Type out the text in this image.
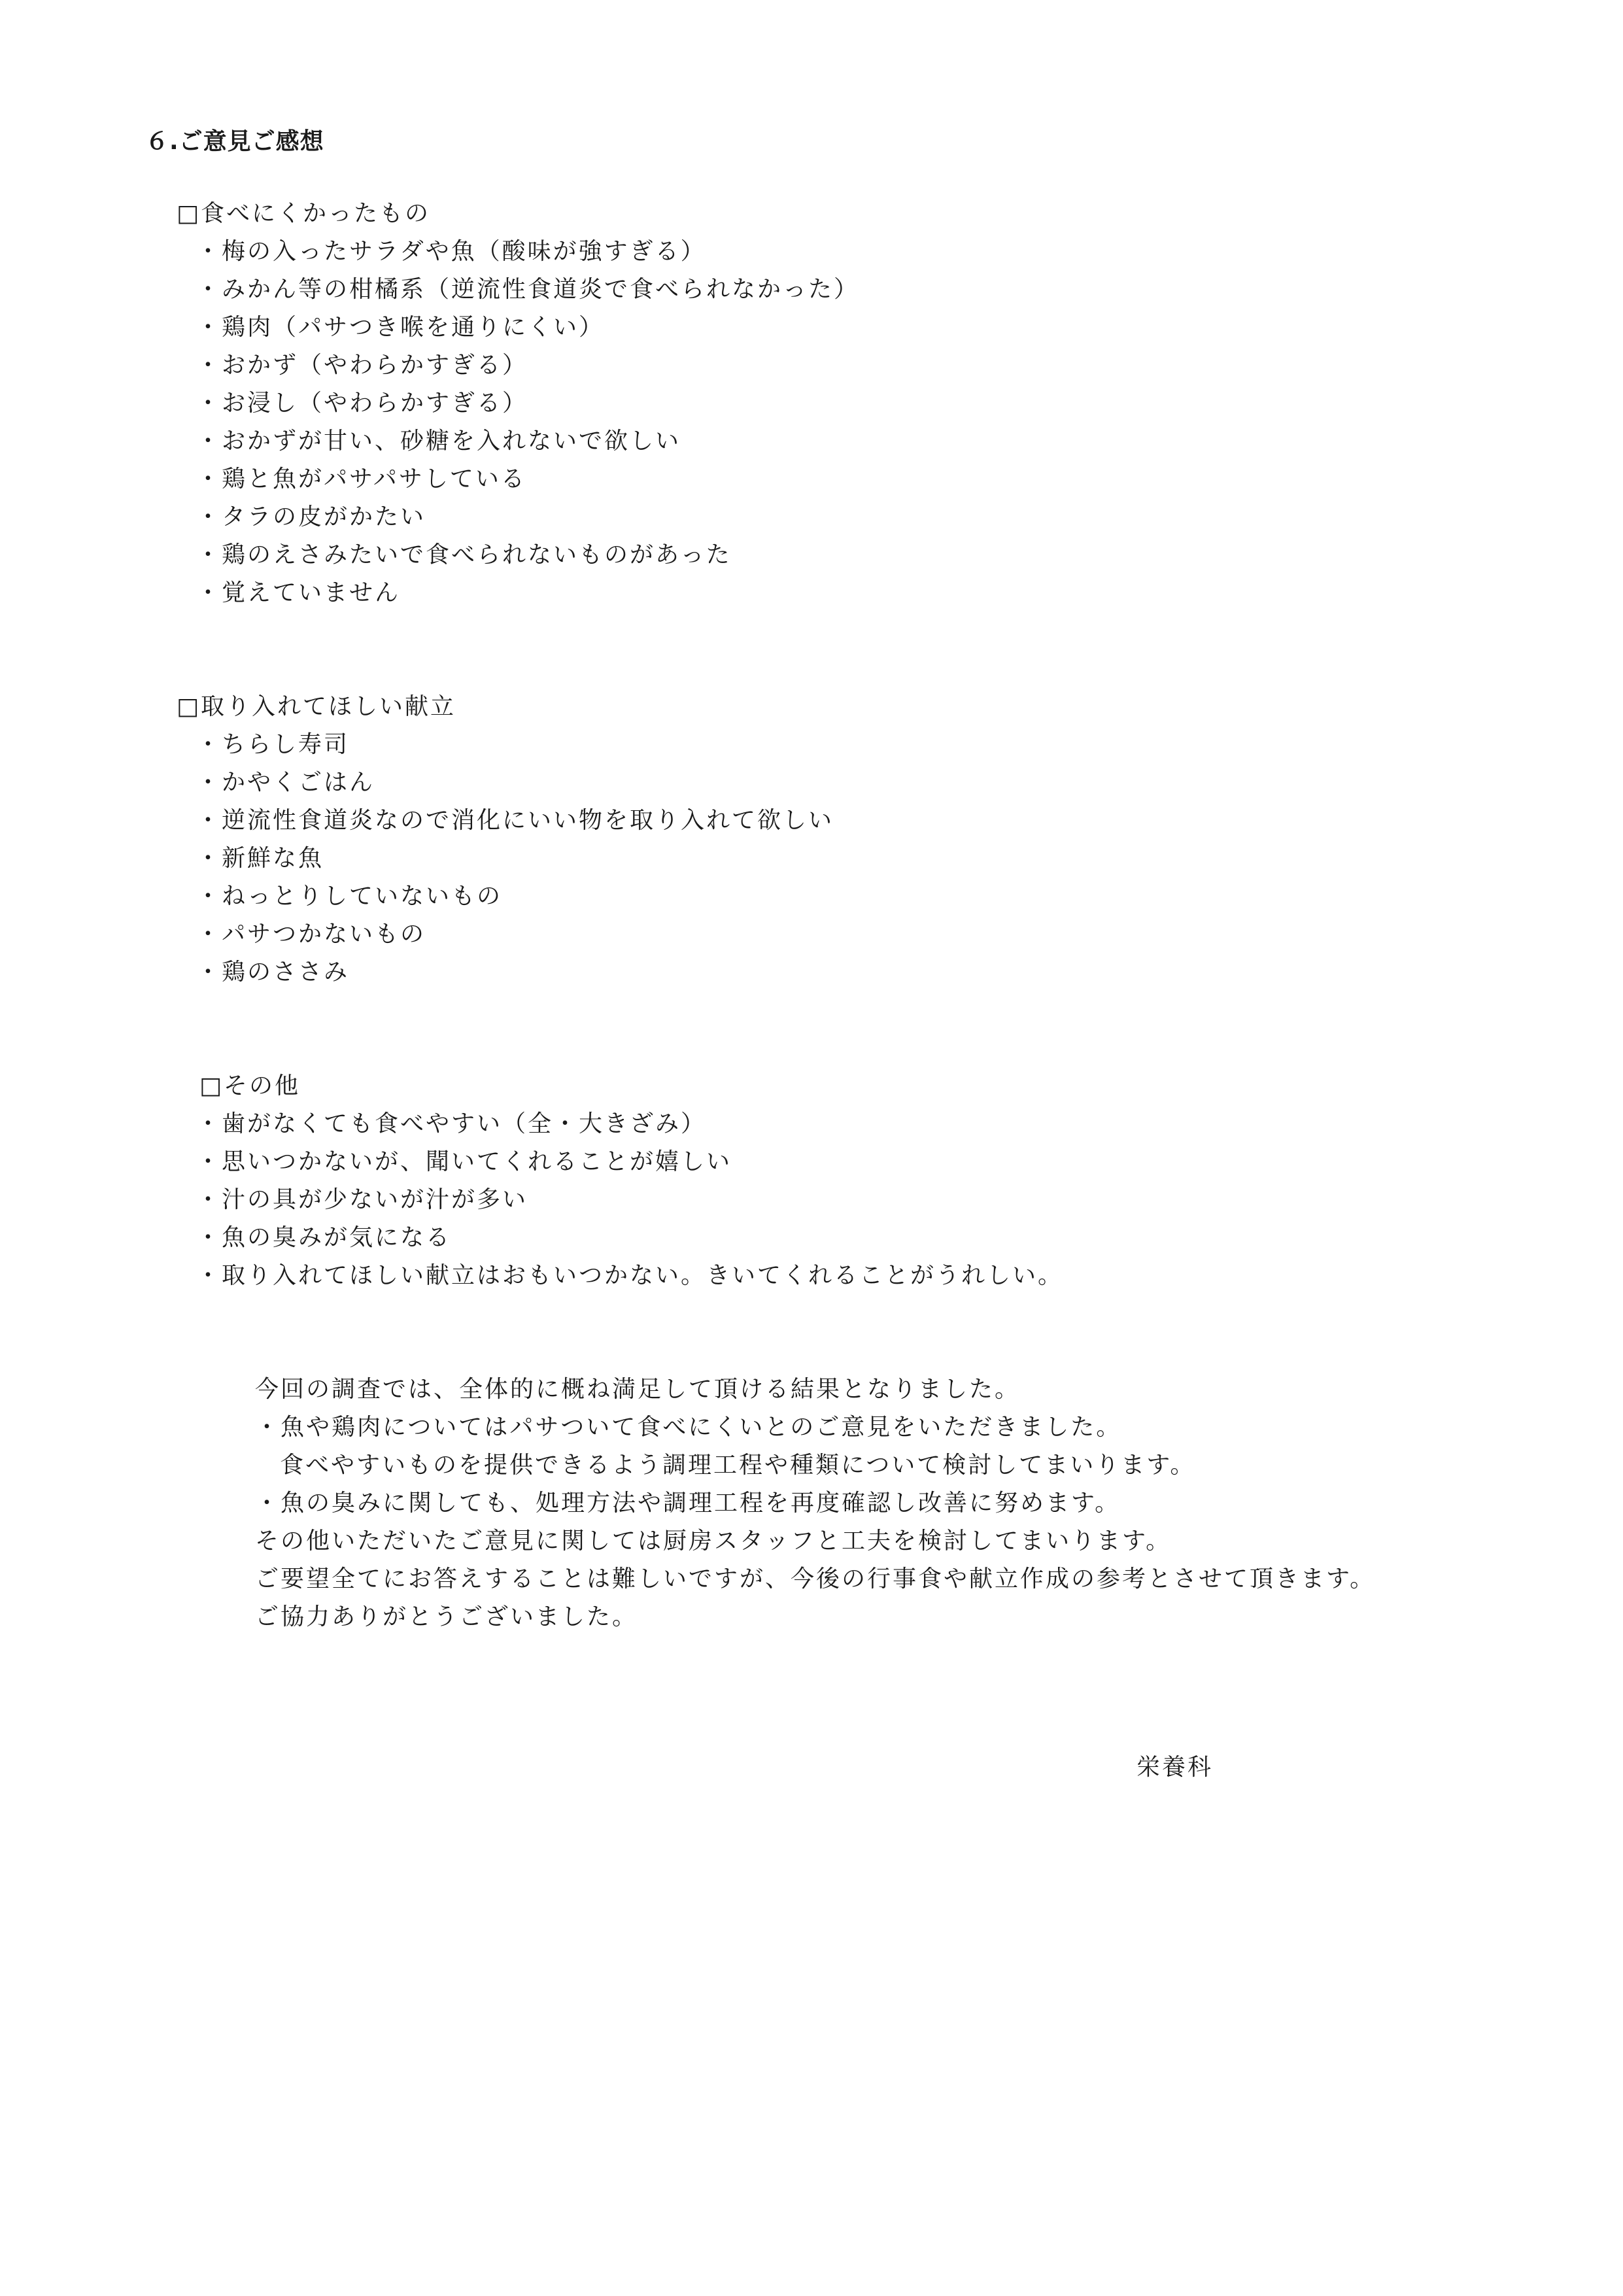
６.ご意見ご感想
□食べにくかったもの
・梅の入ったサラダや魚（酸味が強すぎる）
・みかん等の柑橘系（逆流性食道炎で食べられなかった）
・鶏肉（パサつき喉を通りにくい）
・おかず（やわらかすぎる）
・お浸し（やわらかすぎる）
・おかずが甘い、砂糖を入れないで欲しい
・鶏と魚がパサパサしている
・タラの皮がかたい
・鶏のえさみたいで食べられないものがあった
・覚えていません
□取り入れてほしい献立
・ちらし寿司
・かやくごはん
・逆流性食道炎なので消化にいい物を取り入れて欲しい
・新鮮な魚
・ねっとりしていないもの
・パサつかないもの
・鶏のささみ
□その他
・歯がなくても食べやすい（全・大きざみ）
・思いつかないが、聞いてくれることが嬉しい
・汁の具が少ないが汁が多い
・魚の臭みが気になる
・取り入れてほしい献立はおもいつかない。きいてくれることがうれしい。
今回の調査では、全体的に概ね満足して頂ける結果となりました。
・魚や鶏肉についてはパサついて食べにくいとのご意見をいただきました。
食べやすいものを提供できるよう調理工程や種類について検討してまいります。
・魚の臭みに関しても、処理方法や調理工程を再度確認し改善に努めます。
その他いただいたご意見に関しては厨房スタッフと工夫を検討してまいります。
ご要望全てにお答えすることは難しいですが、今後の行事食や献立作成の参考とさせて頂きます。
ご協力ありがとうございました。
栄養科
